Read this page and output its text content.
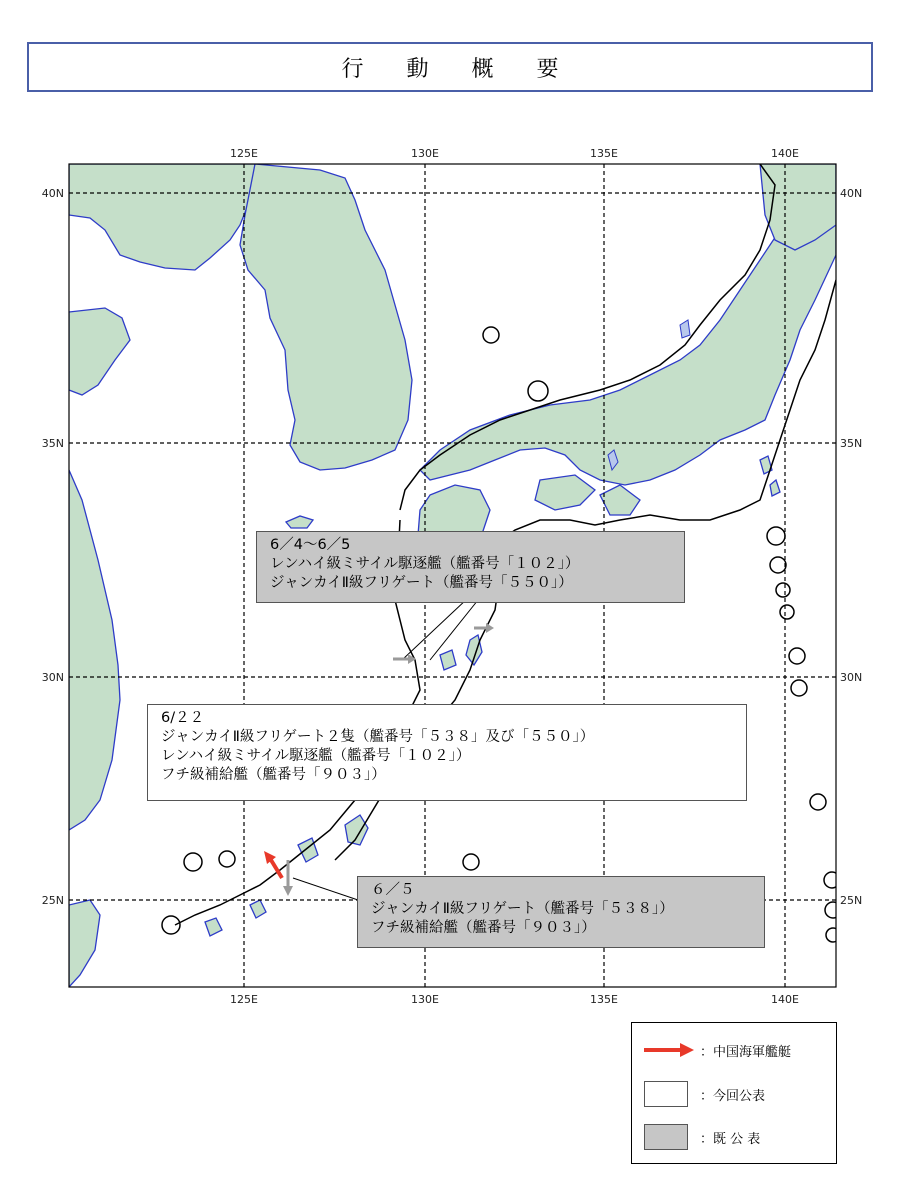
行 動 概 要
125E	130E	135E	140E
125E	130E	135E	140E
40N
35N
30N
25N
40N
35N
30N
25N
6／4～6／5
レンハイ級ミサイル駆逐艦（艦番号「１０２」）
ジャンカイⅡ級フリゲート（艦番号「５５０」）
6/２２
ジャンカイⅡ級フリゲート２隻（艦番号「５３８」及び「５５０」）
レンハイ級ミサイル駆逐艦（艦番号「１０２」）
フチ級補給艦（艦番号「９０３」）
６／５
ジャンカイⅡ級フリゲート（艦番号「５３８」）
フチ級補給艦（艦番号「９０３」）
：中国海軍艦艇
：今回公表
：既 公 表
